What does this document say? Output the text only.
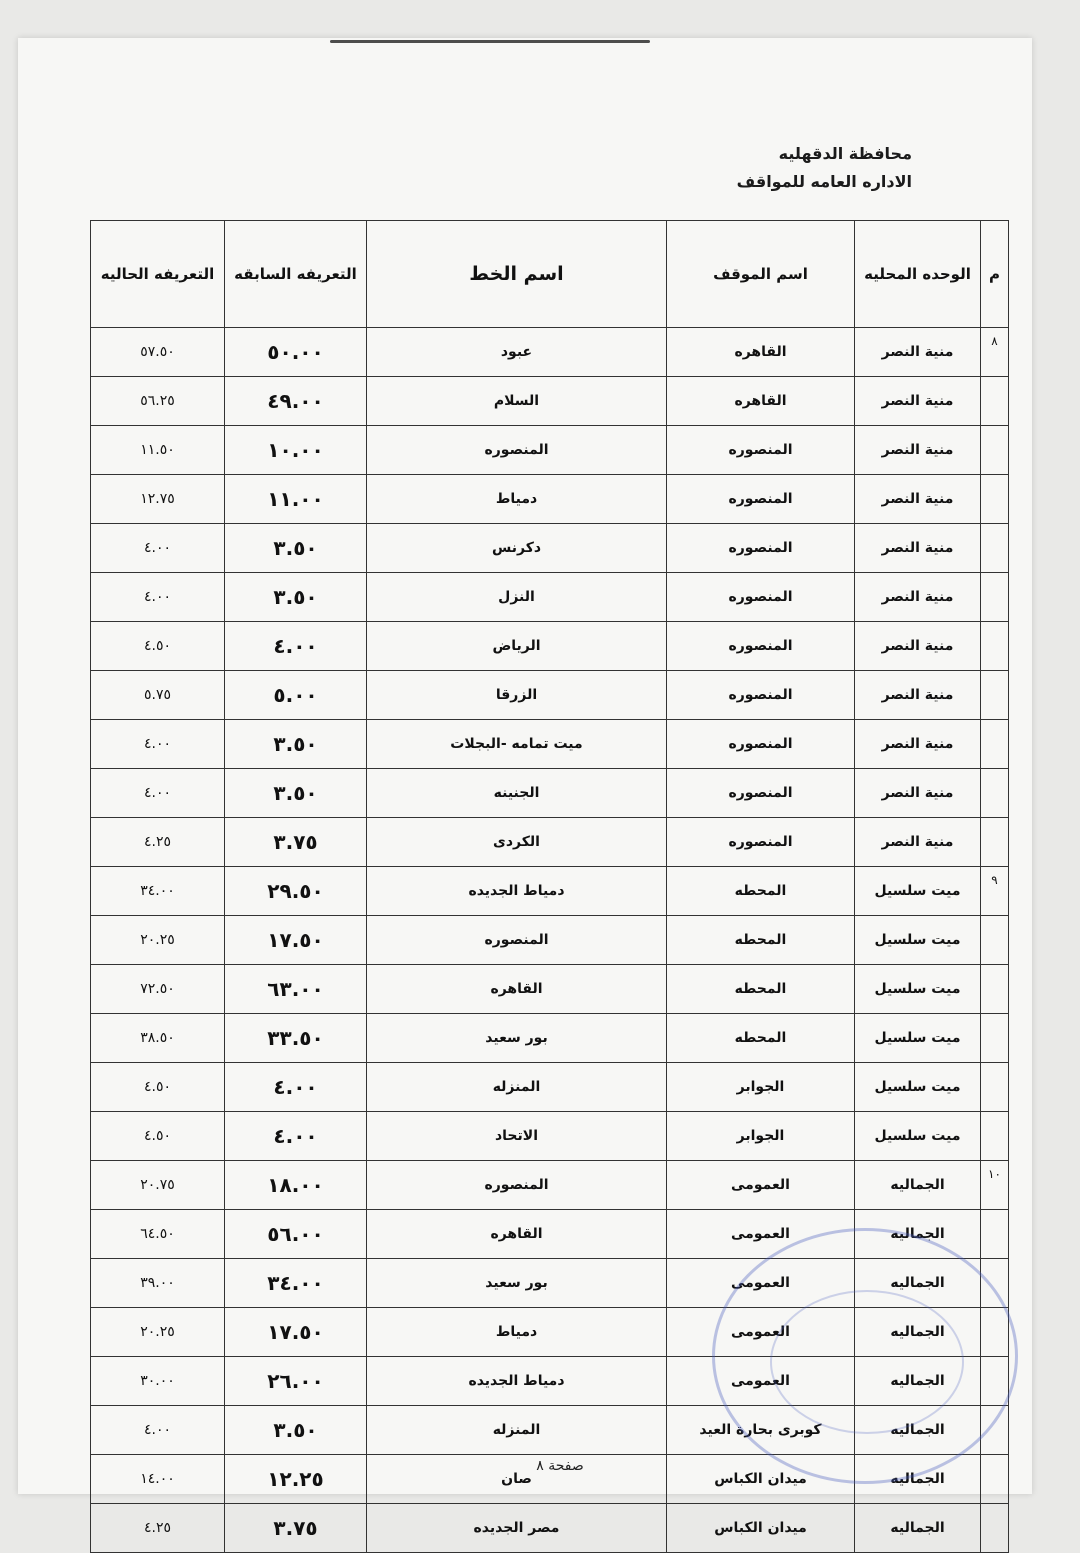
محافظة الدقهليه
الاداره العامه للمواقف
م	الوحده المحليه	اسم الموقف	اسم الخط	التعريفه السابقه	التعريفه الحاليه
٨	منية النصر	القاهره	عبود	٥٠.٠٠	٥٧.٥٠
	منية النصر	القاهره	السلام	٤٩.٠٠	٥٦.٢٥
	منية النصر	المنصوره	المنصوره	١٠.٠٠	١١.٥٠
	منية النصر	المنصوره	دمياط	١١.٠٠	١٢.٧٥
	منية النصر	المنصوره	دكرنس	٣.٥٠	٤.٠٠
	منية النصر	المنصوره	النزل	٣.٥٠	٤.٠٠
	منية النصر	المنصوره	الرياض	٤.٠٠	٤.٥٠
	منية النصر	المنصوره	الزرقا	٥.٠٠	٥.٧٥
	منية النصر	المنصوره	ميت تمامه -البجلات	٣.٥٠	٤.٠٠
	منية النصر	المنصوره	الجنينه	٣.٥٠	٤.٠٠
	منية النصر	المنصوره	الكردى	٣.٧٥	٤.٢٥
٩	ميت سلسيل	المحطه	دمياط الجديده	٢٩.٥٠	٣٤.٠٠
	ميت سلسيل	المحطه	المنصوره	١٧.٥٠	٢٠.٢٥
	ميت سلسيل	المحطه	القاهره	٦٣.٠٠	٧٢.٥٠
	ميت سلسيل	المحطه	بور سعيد	٣٣.٥٠	٣٨.٥٠
	ميت سلسيل	الجوابر	المنزله	٤.٠٠	٤.٥٠
	ميت سلسيل	الجوابر	الاتحاد	٤.٠٠	٤.٥٠
١٠	الجماليه	العمومى	المنصوره	١٨.٠٠	٢٠.٧٥
	الجماليه	العمومى	القاهره	٥٦.٠٠	٦٤.٥٠
	الجماليه	العمومى	بور سعيد	٣٤.٠٠	٣٩.٠٠
	الجماليه	العمومى	دمياط	١٧.٥٠	٢٠.٢٥
	الجماليه	العمومى	دمياط الجديده	٢٦.٠٠	٣٠.٠٠
	الجماليه	كوبرى بحارة العيد	المنزله	٣.٥٠	٤.٠٠
	الجماليه	ميدان الكباس	صان	١٢.٢٥	١٤.٠٠
	الجماليه	ميدان الكباس	مصر الجديده	٣.٧٥	٤.٢٥
صفحة ٨
